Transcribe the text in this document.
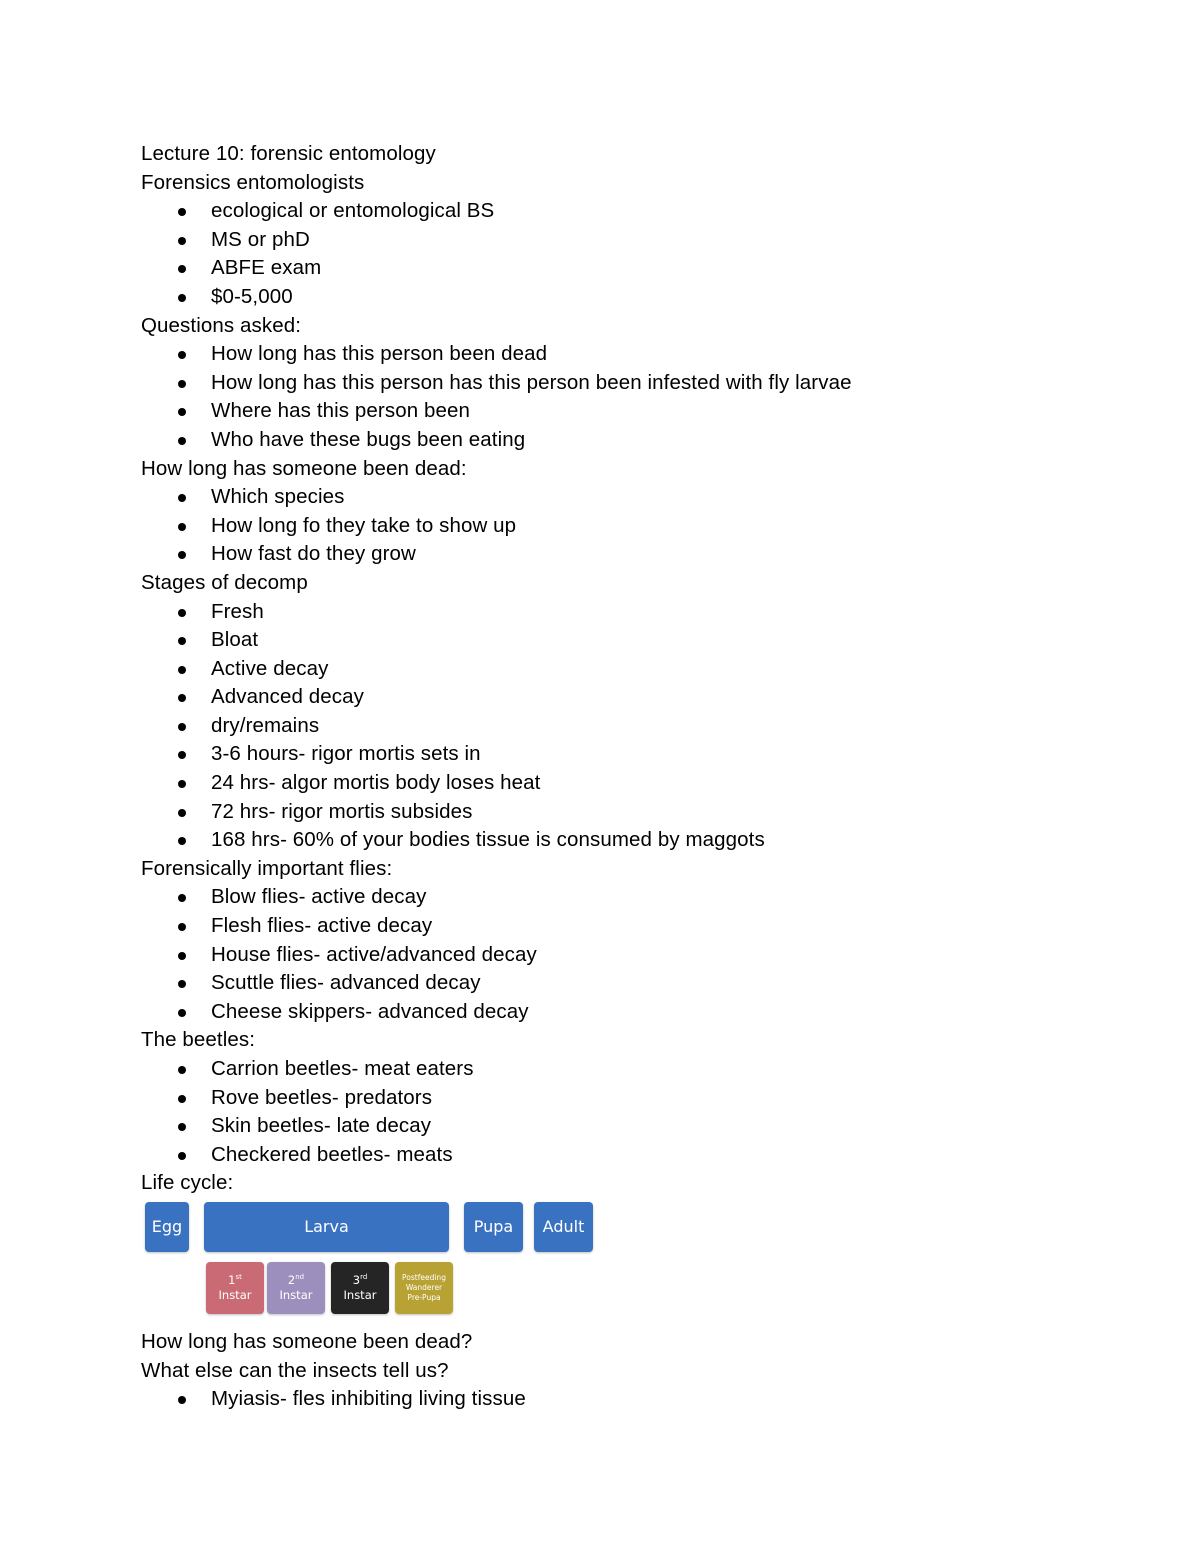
Lecture 10: forensic entomology
Forensics entomologists
ecological or entomological BS
MS or phD
ABFE exam
$0-5,000
Questions asked:
How long has this person been dead
How long has this person has this person been infested with fly larvae
Where has this person been
Who have these bugs been eating
How long has someone been dead:
Which species
How long fo they take to show up
How fast do they grow
Stages of decomp
Fresh
Bloat
Active decay
Advanced decay
dry/remains
3-6 hours- rigor mortis sets in
24 hrs- algor mortis body loses heat
72 hrs- rigor mortis subsides
168 hrs- 60% of your bodies tissue is consumed by maggots
Forensically important flies:
Blow flies- active decay
Flesh flies- active decay
House flies- active/advanced decay
Scuttle flies- advanced decay
Cheese skippers- advanced decay
The beetles:
Carrion beetles- meat eaters
Rove beetles- predators
Skin beetles- late decay
Checkered beetles- meats
Life cycle:
Egg	Larva	Pupa	Adult
1st
Instar
2nd
Instar
3rd
Instar
Postfeeding
Wanderer
Pre-Pupa
How long has someone been dead?
What else can the insects tell us?
Myiasis- fles inhibiting living tissue
